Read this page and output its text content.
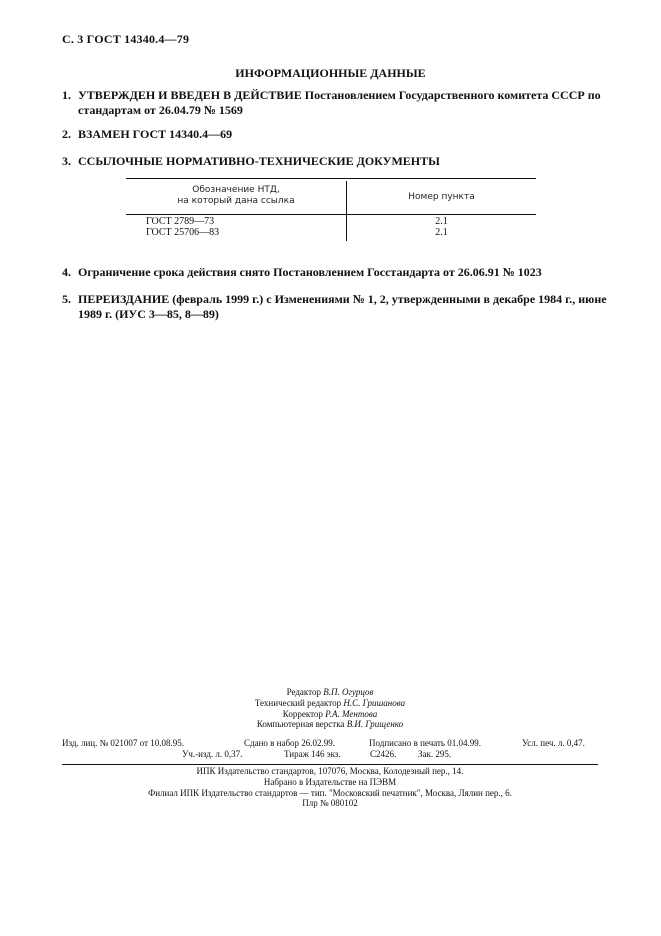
С. 3 ГОСТ 14340.4—79
ИНФОРМАЦИОННЫЕ ДАННЫЕ
1. УТВЕРЖДЕН И ВВЕДЕН В ДЕЙСТВИЕ Постановлением Государственного комитета СССР по стандартам от 26.04.79 № 1569
2. ВЗАМЕН ГОСТ 14340.4—69
3. ССЫЛОЧНЫЕ НОРМАТИВНО-ТЕХНИЧЕСКИЕ ДОКУМЕНТЫ
Обозначение НТД,
на который дана ссылка	Номер пункта
ГОСТ 2789—73	2.1
ГОСТ 25706—83	2.1
4. Ограничение срока действия снято Постановлением Госстандарта от 26.06.91 № 1023
5. ПЕРЕИЗДАНИЕ (февраль 1999 г.) с Изменениями № 1, 2, утвержденными в декабре 1984 г., июне 1989 г. (ИУС 3—85, 8—89)
Редактор В.П. Огурцов
Технический редактор Н.С. Гришанова
Корректор Р.А. Ментова
Компьютерная верстка В.И. Грищенко
Изд. лиц. № 021007 от 10.08.95.	Сдано в набор 26.02.99.	Подписано в печать 01.04.99.	Усл. печ. л. 0,47.
Уч.-изд. л. 0,37.	Тираж 146 экз.	С2426. Зак. 295.
ИПК Издательство стандартов, 107076, Москва, Колодезный пер., 14.
Набрано в Издательстве на ПЭВМ
Филиал ИПК Издательство стандартов — тип. "Московский печатник", Москва, Лялин пер., 6.
Плр № 080102
